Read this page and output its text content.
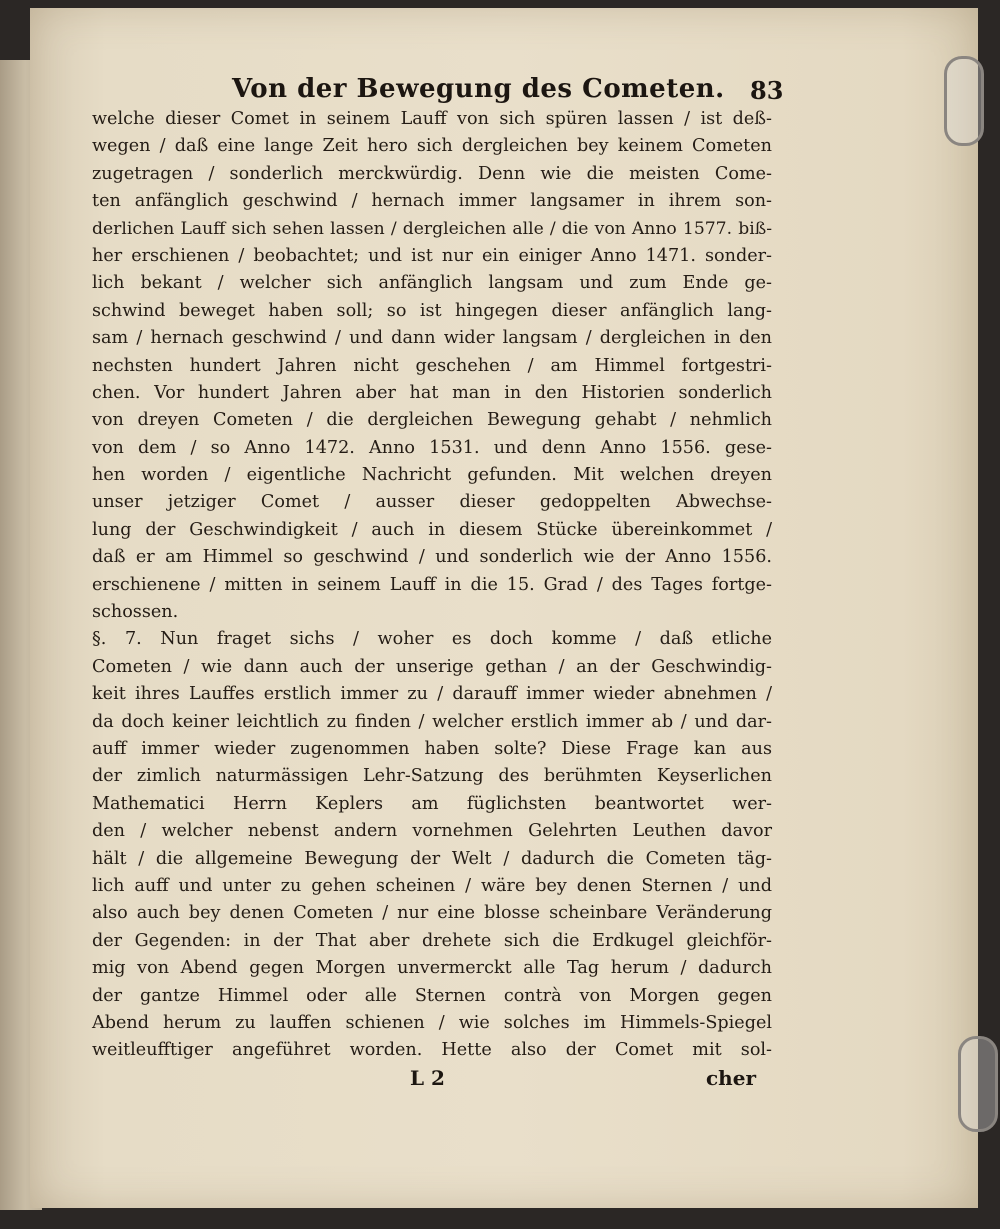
Von der Bewegung des Cometen. 83
welche dieser Comet in seinem Lauff von sich spüren lassen / ist deß-
wegen / daß eine lange Zeit hero sich dergleichen bey keinem Cometen
zugetragen / sonderlich merckwürdig. Denn wie die meisten Come-
ten anfänglich geschwind / hernach immer langsamer in ihrem son-
derlichen Lauff sich sehen lassen / dergleichen alle / die von Anno 1577. biß-
her erschienen / beobachtet; und ist nur ein einiger Anno 1471. sonder-
lich bekant / welcher sich anfänglich langsam und zum Ende ge-
schwind beweget haben soll; so ist hingegen dieser anfänglich lang-
sam / hernach geschwind / und dann wider langsam / dergleichen in den
nechsten hundert Jahren nicht geschehen / am Himmel fortgestri-
chen. Vor hundert Jahren aber hat man in den Historien sonderlich
von dreyen Cometen / die dergleichen Bewegung gehabt / nehmlich
von dem / so Anno 1472. Anno 1531. und denn Anno 1556. gese-
hen worden / eigentliche Nachricht gefunden. Mit welchen dreyen
unser jetziger Comet / ausser dieser gedoppelten Abwechse-
lung der Geschwindigkeit / auch in diesem Stücke übereinkommet /
daß er am Himmel so geschwind / und sonderlich wie der Anno 1556.
erschienene / mitten in seinem Lauff in die 15. Grad / des Tages fortge-
schossen.
§. 7. Nun fraget sichs / woher es doch komme / daß etliche
Cometen / wie dann auch der unserige gethan / an der Geschwindig-
keit ihres Lauffes erstlich immer zu / darauff immer wieder abnehmen /
da doch keiner leichtlich zu finden / welcher erstlich immer ab / und dar-
auff immer wieder zugenommen haben solte? Diese Frage kan aus
der zimlich naturmässigen Lehr-Satzung des berühmten Keyserlichen
Mathematici Herrn Keplers am füglichsten beantwortet wer-
den / welcher nebenst andern vornehmen Gelehrten Leuthen davor
hält / die allgemeine Bewegung der Welt / dadurch die Cometen täg-
lich auff und unter zu gehen scheinen / wäre bey denen Sternen / und
also auch bey denen Cometen / nur eine blosse scheinbare Veränderung
der Gegenden: in der That aber drehete sich die Erdkugel gleichför-
mig von Abend gegen Morgen unvermerckt alle Tag herum / dadurch
der gantze Himmel oder alle Sternen contrà von Morgen gegen
Abend herum zu lauffen schienen / wie solches im Himmels-Spiegel
weitleufftiger angeführet worden. Hette also der Comet mit sol-
L 2	cher
